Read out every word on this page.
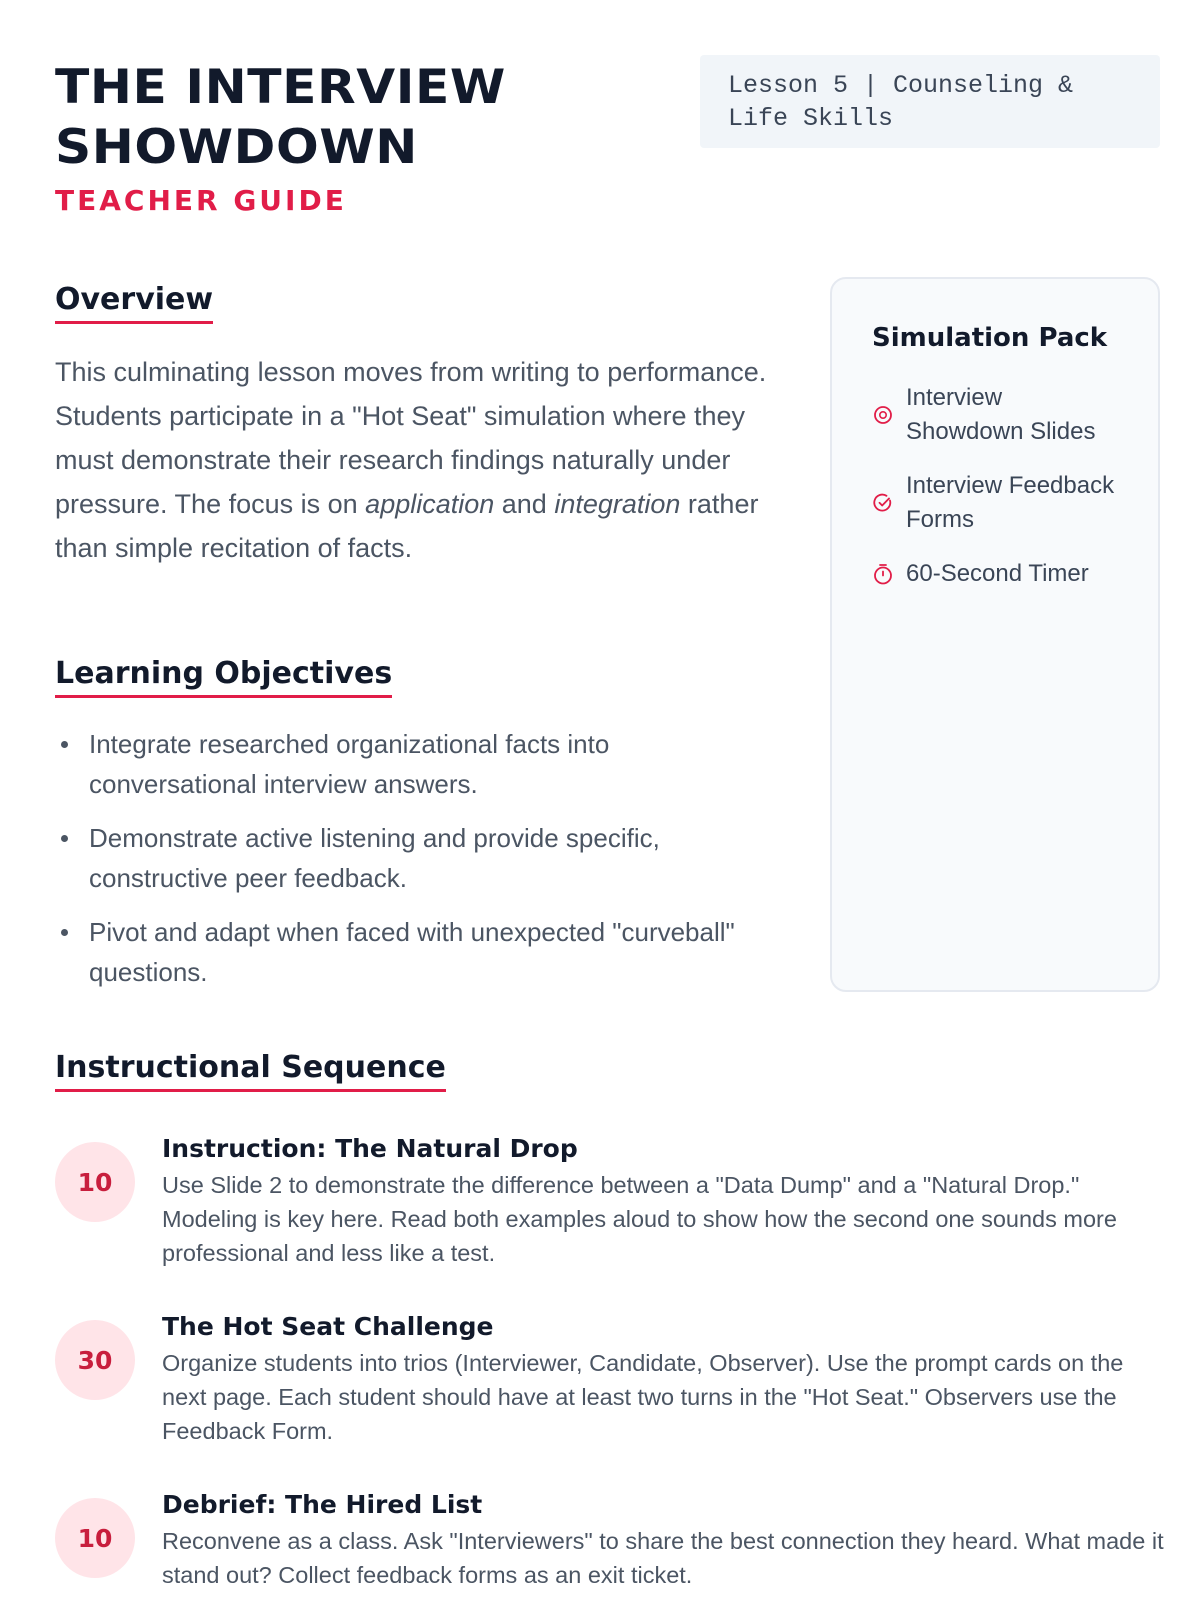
THE INTERVIEW
SHOWDOWN
TEACHER GUIDE
Lesson 5 | Counseling & Life Skills
Overview

This culminating lesson moves from writing to performance. Students participate in a "Hot Seat" simulation where they must demonstrate their research findings naturally under pressure. The focus is on application and integration rather than simple recitation of facts.

Learning Objectives
Integrate researched organizational facts into conversational interview answers.
Demonstrate active listening and provide specific, constructive peer feedback.
Pivot and adapt when faced with unexpected "curveball" questions.
Simulation Pack
Interview Showdown Slides
Interview Feedback Forms
60-Second Timer
Instructional Sequence
10
Instruction: The Natural Drop
Use Slide 2 to demonstrate the difference between a "Data Dump" and a "Natural Drop." Modeling is key here. Read both examples aloud to show how the second one sounds more professional and less like a test.
30
The Hot Seat Challenge
Organize students into trios (Interviewer, Candidate, Observer). Use the prompt cards on the next page. Each student should have at least two turns in the "Hot Seat." Observers use the Feedback Form.
10
Debrief: The Hired List
Reconvene as a class. Ask "Interviewers" to share the best connection they heard. What made it stand out? Collect feedback forms as an exit ticket.
